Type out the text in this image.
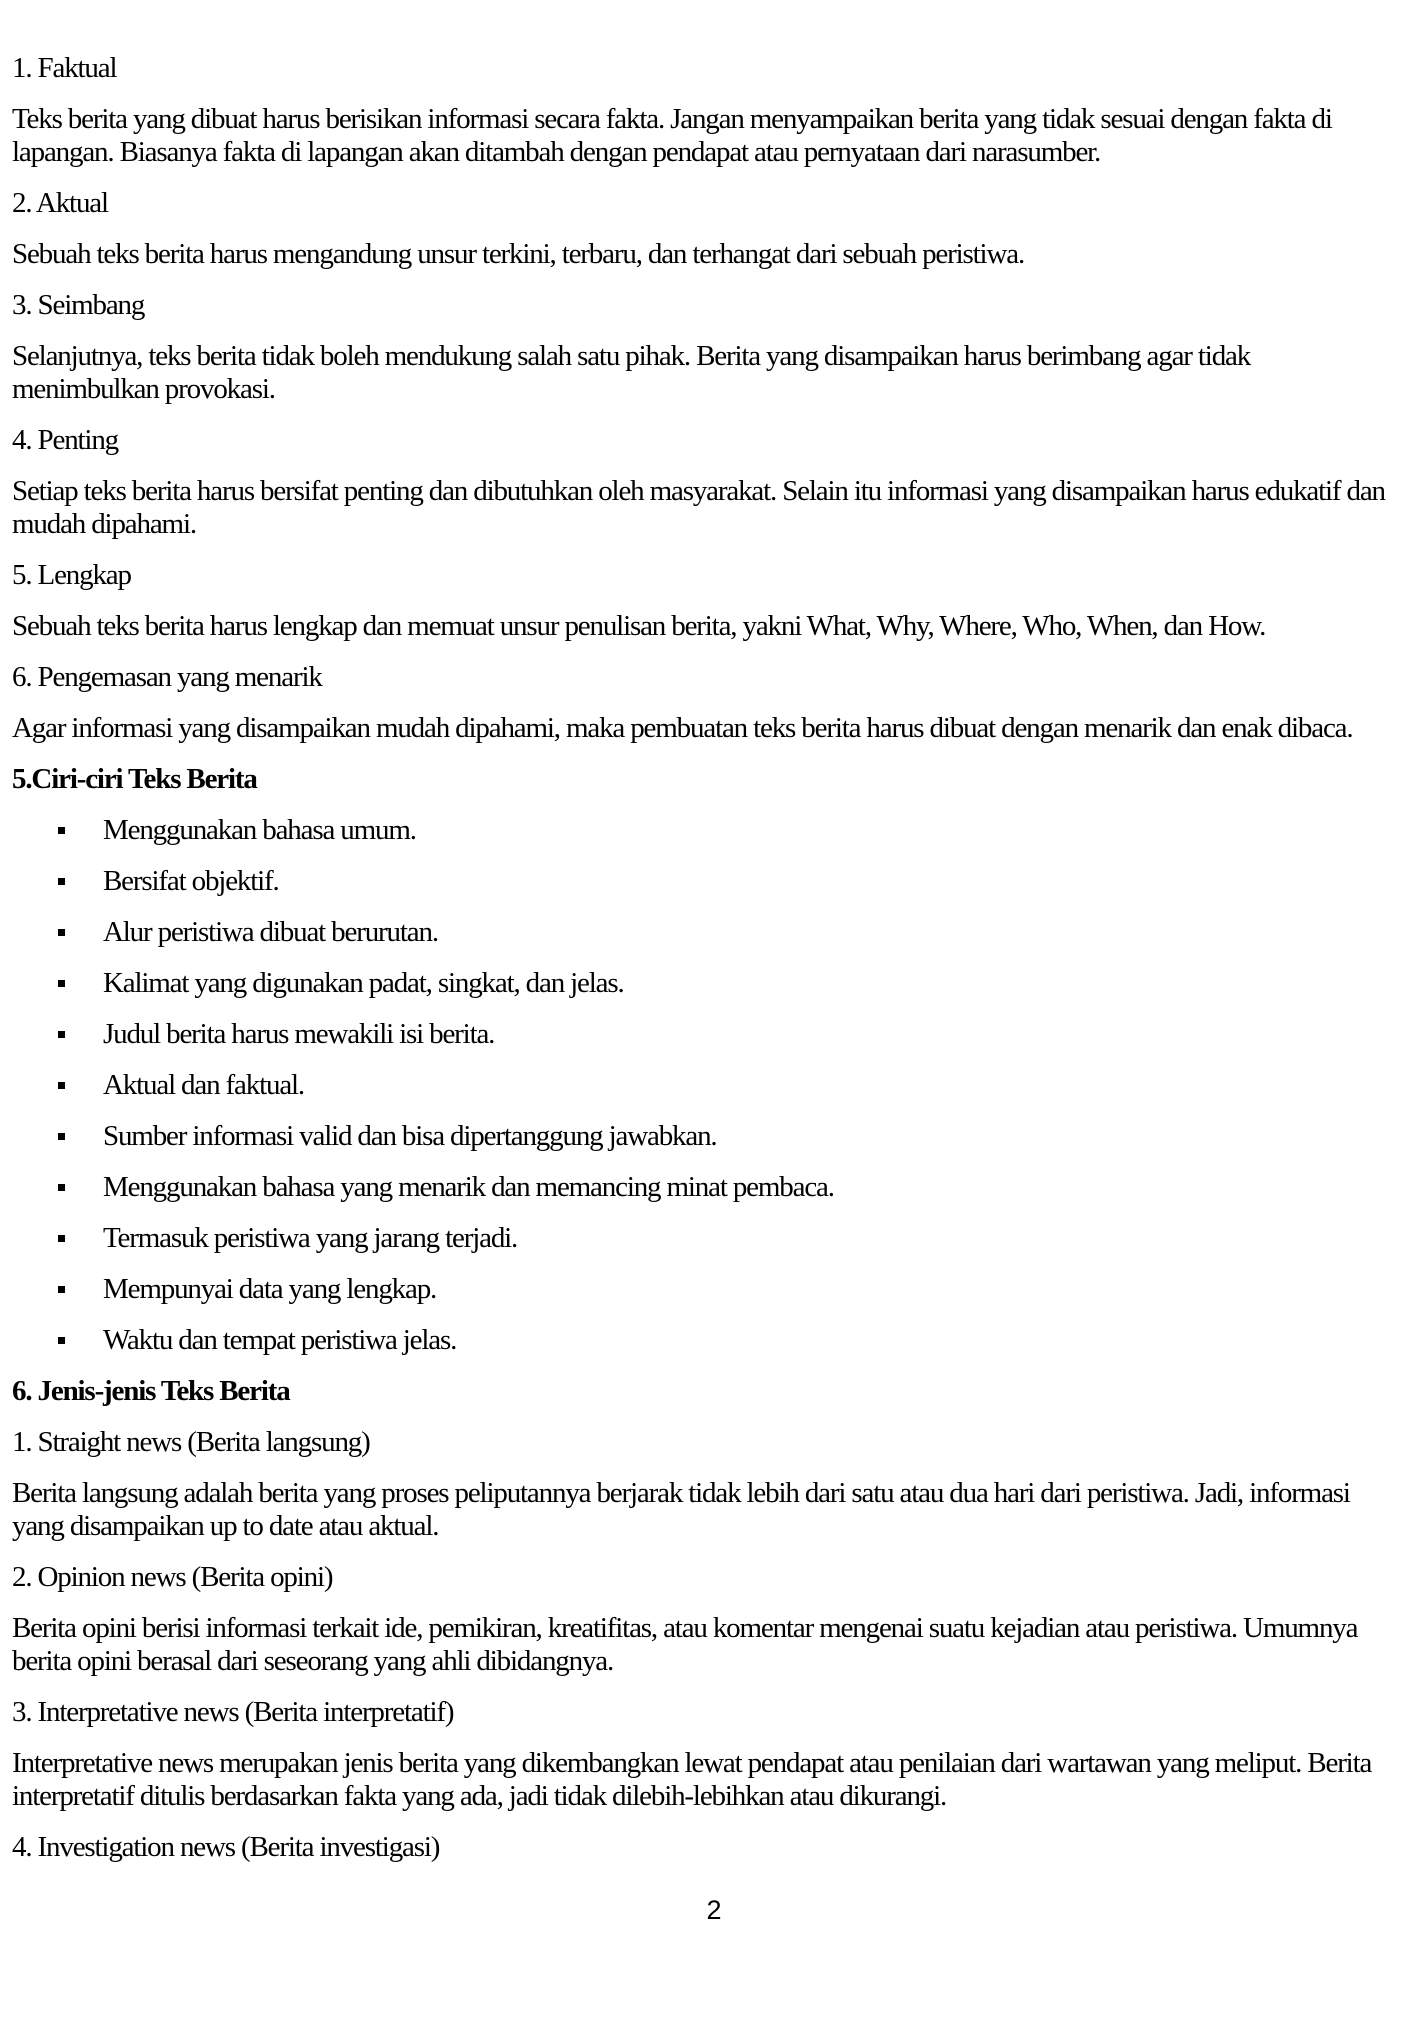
1. Faktual

Teks berita yang dibuat harus berisikan informasi secara fakta. Jangan menyampaikan berita yang tidak sesuai dengan fakta di lapangan. Biasanya fakta di lapangan akan ditambah dengan pendapat atau pernyataan dari narasumber.

2. Aktual

Sebuah teks berita harus mengandung unsur terkini, terbaru, dan terhangat dari sebuah peristiwa.

3. Seimbang

Selanjutnya, teks berita tidak boleh mendukung salah satu pihak. Berita yang disampaikan harus berimbang agar tidak menimbulkan provokasi.

4. Penting

Setiap teks berita harus bersifat penting dan dibutuhkan oleh masyarakat. Selain itu informasi yang disampaikan harus edukatif dan mudah dipahami.

5. Lengkap

Sebuah teks berita harus lengkap dan memuat unsur penulisan berita, yakni What, Why, Where, Who, When, dan How.

6. Pengemasan yang menarik

Agar informasi yang disampaikan mudah dipahami, maka pembuatan teks berita harus dibuat dengan menarik dan enak dibaca.

5.Ciri-ciri Teks Berita

Menggunakan bahasa umum.
Bersifat objektif.
Alur peristiwa dibuat berurutan.
Kalimat yang digunakan padat, singkat, dan jelas.
Judul berita harus mewakili isi berita.
Aktual dan faktual.
Sumber informasi valid dan bisa dipertanggung jawabkan.
Menggunakan bahasa yang menarik dan memancing minat pembaca.
Termasuk peristiwa yang jarang terjadi.
Mempunyai data yang lengkap.
Waktu dan tempat peristiwa jelas.

6. Jenis-jenis Teks Berita

1. Straight news (Berita langsung)

Berita langsung adalah berita yang proses peliputannya berjarak tidak lebih dari satu atau dua hari dari peristiwa. Jadi, informasi yang disampaikan up to date atau aktual.

2. Opinion news (Berita opini)

Berita opini berisi informasi terkait ide, pemikiran, kreatifitas, atau komentar mengenai suatu kejadian atau peristiwa. Umumnya berita opini berasal dari seseorang yang ahli dibidangnya.

3. Interpretative news (Berita interpretatif)

Interpretative news merupakan jenis berita yang dikembangkan lewat pendapat atau penilaian dari wartawan yang meliput. Berita interpretatif ditulis berdasarkan fakta yang ada, jadi tidak dilebih-lebihkan atau dikurangi.

4. Investigation news (Berita investigasi)

2
